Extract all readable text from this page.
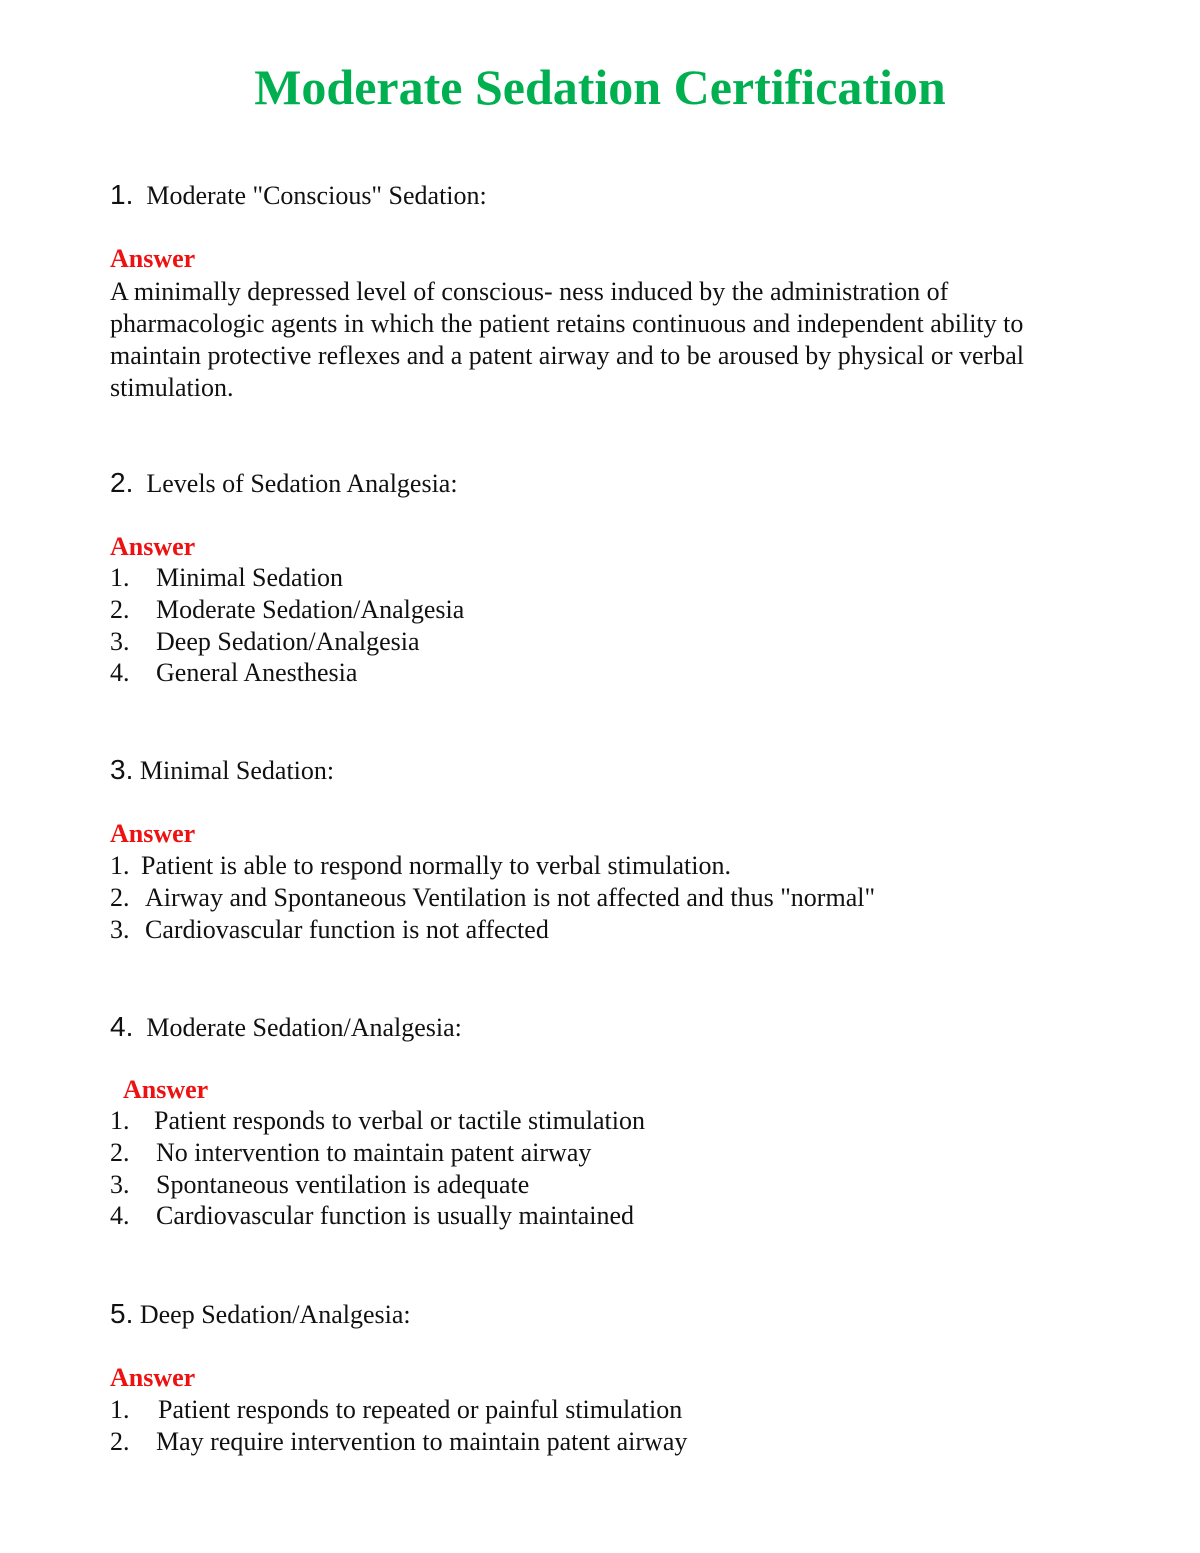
Moderate Sedation Certification

1. Moderate "Conscious" Sedation:

Answer

A minimally depressed level of conscious- ness induced by the administration of pharmacologic agents in which the patient retains continuous and independent ability to maintain protective reflexes and a patent airway and to be aroused by physical or verbal stimulation.

2. Levels of Sedation Analgesia:

Answer

1.	Minimal Sedation
2.	Moderate Sedation/Analgesia
3.	Deep Sedation/Analgesia
4.	General Anesthesia

3. Minimal Sedation:

Answer

1. Patient is able to respond normally to verbal stimulation.
2. Airway and Spontaneous Ventilation is not affected and thus "normal"
3. Cardiovascular function is not affected

4. Moderate Sedation/Analgesia:

Answer

1. Patient responds to verbal or tactile stimulation
2.	No intervention to maintain patent airway
3.	Spontaneous ventilation is adequate
4.	Cardiovascular function is usually maintained

5. Deep Sedation/Analgesia:

Answer

1.	Patient responds to repeated or painful stimulation
2.	May require intervention to maintain patent airway
